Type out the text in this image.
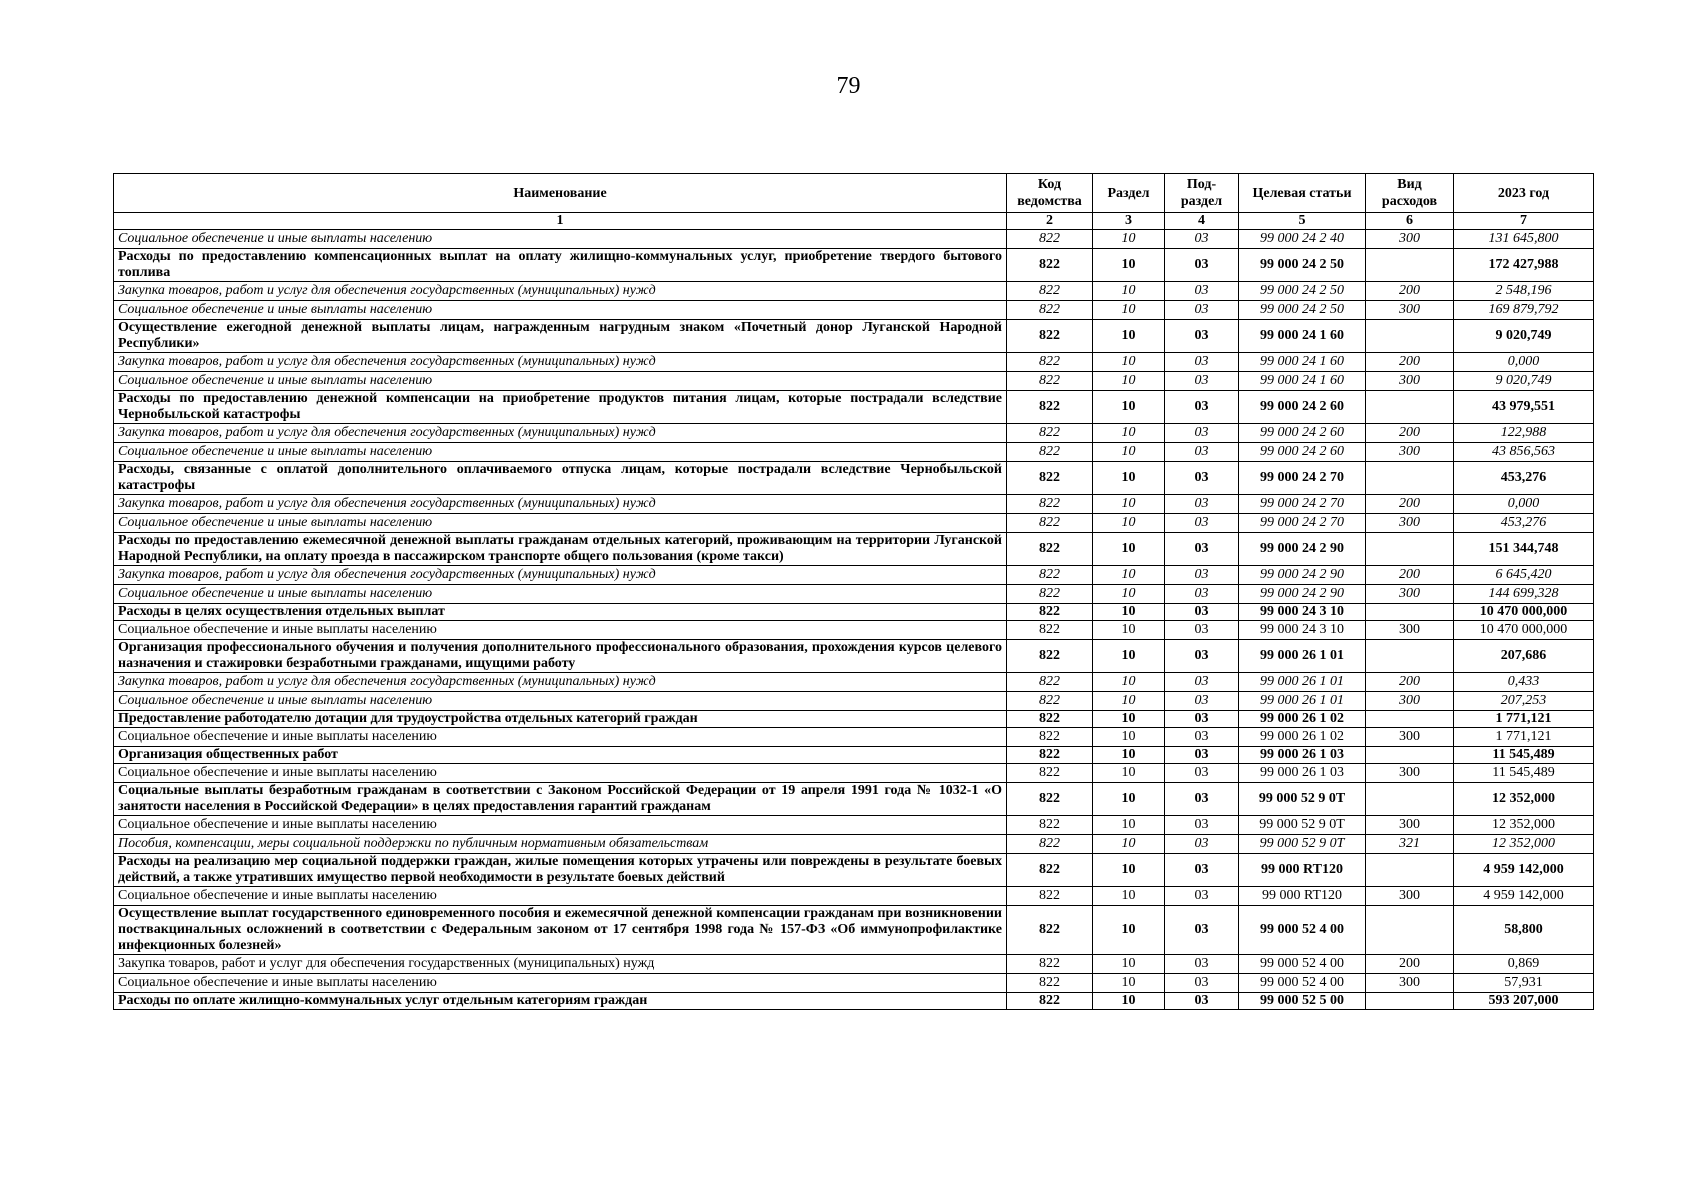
79
Наименование	Код ведомства	Раздел	Под-раздел	Целевая статьи	Вид расходов	2023 год
1	2	3	4	5	6	7
Социальное обеспечение и иные выплаты населению	822	10	03	99 000 24 2 40	300	131 645,800
Расходы по предоставлению компенсационных выплат на оплату жилищно-коммунальных услуг, приобретение твердого бытового топлива	822	10	03	99 000 24 2 50		172 427,988
Закупка товаров, работ и услуг для обеспечения государственных (муниципальных) нужд	822	10	03	99 000 24 2 50	200	2 548,196
Социальное обеспечение и иные выплаты населению	822	10	03	99 000 24 2 50	300	169 879,792
Осуществление ежегодной денежной выплаты лицам, награжденным нагрудным знаком «Почетный донор Луганской Народной Республики»	822	10	03	99 000 24 1 60		9 020,749
Закупка товаров, работ и услуг для обеспечения государственных (муниципальных) нужд	822	10	03	99 000 24 1 60	200	0,000
Социальное обеспечение и иные выплаты населению	822	10	03	99 000 24 1 60	300	9 020,749
Расходы по предоставлению денежной компенсации на приобретение продуктов питания лицам, которые пострадали вследствие Чернобыльской катастрофы	822	10	03	99 000 24 2 60		43 979,551
Закупка товаров, работ и услуг для обеспечения государственных (муниципальных) нужд	822	10	03	99 000 24 2 60	200	122,988
Социальное обеспечение и иные выплаты населению	822	10	03	99 000 24 2 60	300	43 856,563
Расходы, связанные с оплатой дополнительного оплачиваемого отпуска лицам, которые пострадали вследствие Чернобыльской катастрофы	822	10	03	99 000 24 2 70		453,276
Закупка товаров, работ и услуг для обеспечения государственных (муниципальных) нужд	822	10	03	99 000 24 2 70	200	0,000
Социальное обеспечение и иные выплаты населению	822	10	03	99 000 24 2 70	300	453,276
Расходы по предоставлению ежемесячной денежной выплаты гражданам отдельных категорий, проживающим на территории Луганской Народной Республики, на оплату проезда в пассажирском транспорте общего пользования (кроме такси)	822	10	03	99 000 24 2 90		151 344,748
Закупка товаров, работ и услуг для обеспечения государственных (муниципальных) нужд	822	10	03	99 000 24 2 90	200	6 645,420
Социальное обеспечение и иные выплаты населению	822	10	03	99 000 24 2 90	300	144 699,328
Расходы в целях осуществления отдельных выплат	822	10	03	99 000 24 3 10		10 470 000,000
Социальное обеспечение и иные выплаты населению	822	10	03	99 000 24 3 10	300	10 470 000,000
Организация профессионального обучения и получения дополнительного профессионального образования, прохождения курсов целевого назначения и стажировки безработными гражданами, ищущими работу	822	10	03	99 000 26 1 01		207,686
Закупка товаров, работ и услуг для обеспечения государственных (муниципальных) нужд	822	10	03	99 000 26 1 01	200	0,433
Социальное обеспечение и иные выплаты населению	822	10	03	99 000 26 1 01	300	207,253
Предоставление работодателю дотации для трудоустройства отдельных категорий граждан	822	10	03	99 000 26 1 02		1 771,121
Социальное обеспечение и иные выплаты населению	822	10	03	99 000 26 1 02	300	1 771,121
Организация общественных работ	822	10	03	99 000 26 1 03		11 545,489
Социальное обеспечение и иные выплаты населению	822	10	03	99 000 26 1 03	300	11 545,489
Социальные выплаты безработным гражданам в соответствии с Законом Российской Федерации от 19 апреля 1991 года № 1032-1 «О занятости населения в Российской Федерации» в целях предоставления гарантий гражданам	822	10	03	99 000 52 9 0Т		12 352,000
Социальное обеспечение и иные выплаты населению	822	10	03	99 000 52 9 0Т	300	12 352,000
Пособия, компенсации, меры социальной поддержки по публичным нормативным обязательствам	822	10	03	99 000 52 9 0Т	321	12 352,000
Расходы на реализацию мер социальной поддержки граждан, жилые помещения которых утрачены или повреждены в результате боевых действий, а также утративших имущество первой необходимости в результате боевых действий	822	10	03	99 000 RT120		4 959 142,000
Социальное обеспечение и иные выплаты населению	822	10	03	99 000 RT120	300	4 959 142,000
Осуществление выплат государственного единовременного пособия и ежемесячной денежной компенсации гражданам при возникновении поствакцинальных осложнений в соответствии с Федеральным законом от 17 сентября 1998 года № 157-ФЗ «Об иммунопрофилактике инфекционных болезней»	822	10	03	99 000 52 4 00		58,800
Закупка товаров, работ и услуг для обеспечения государственных (муниципальных) нужд	822	10	03	99 000 52 4 00	200	0,869
Социальное обеспечение и иные выплаты населению	822	10	03	99 000 52 4 00	300	57,931
Расходы по оплате жилищно-коммунальных услуг отдельным категориям граждан	822	10	03	99 000 52 5 00		593 207,000
